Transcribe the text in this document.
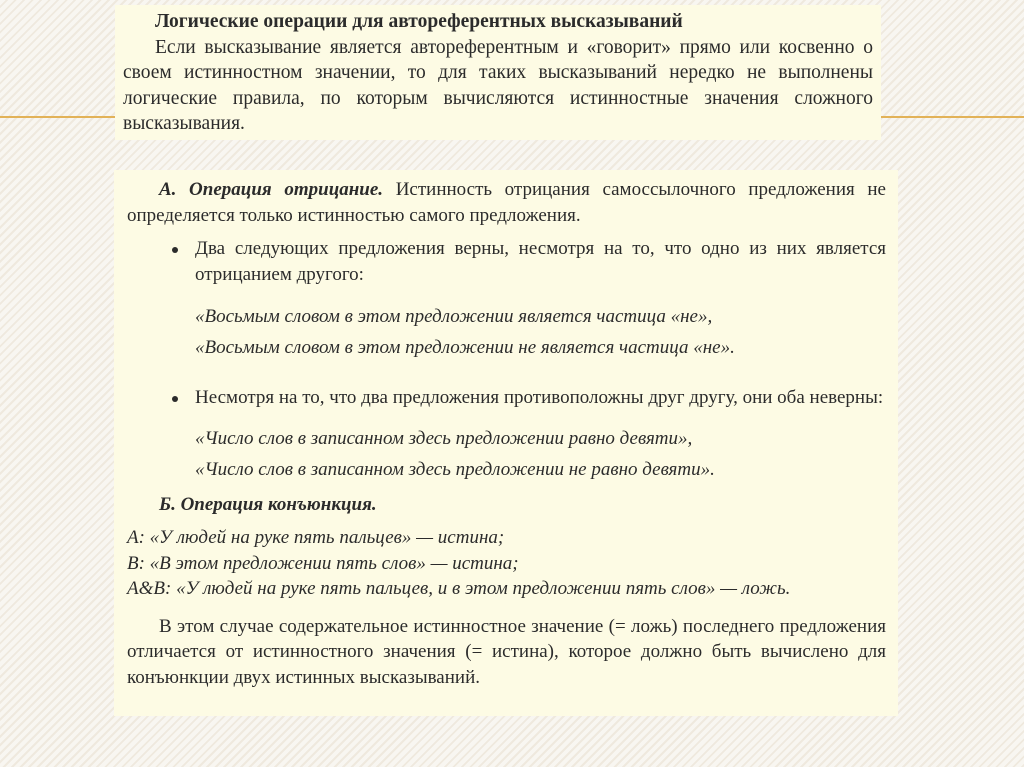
Логические операции для автореферентных высказываний

Если высказывание является автореферентным и «говорит» прямо или косвенно о своем истинностном значении, то для таких высказываний нередко не выполнены логические правила, по которым вычисляются истинностные значения сложного высказывания.

А. Операция отрицание. Истинность отрицания самоссылочного предложения не определяется только истинностью самого предложения.

Два следующих предложения верны, несмотря на то, что одно из них является отрицанием другого:

«Восьмым словом в этом предложении является частица «не»,

«Восьмым словом в этом предложении не является частица «не».

Несмотря на то, что два предложения противоположны друг другу, они оба неверны:

«Число слов в записанном здесь предложении равно девяти»,

«Число слов в записанном здесь предложении не равно девяти».

Б. Операция конъюнкция.

А: «У людей на руке пять пальцев» — истина;

В: «В этом предложении пять слов» — истина;

А&В: «У людей на руке пять пальцев, и в этом предложении пять слов» — ложь.

В этом случае содержательное истинностное значение (= ложь) последнего предложения отличается от истинностного значения (= истина), которое должно быть вычислено для конъюнкции двух истинных высказываний.
